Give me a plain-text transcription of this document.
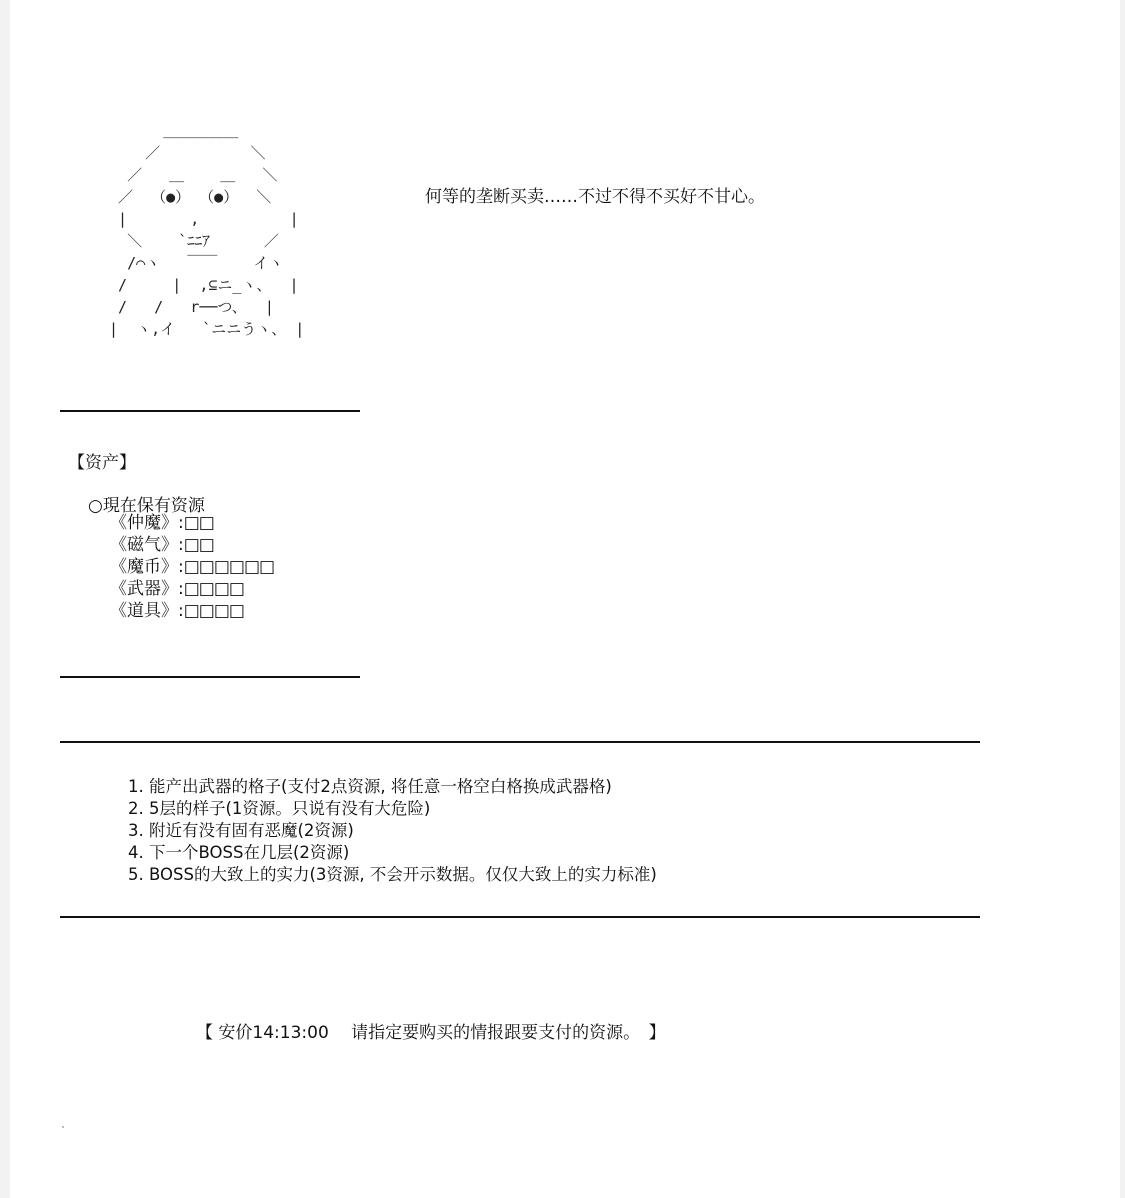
＿＿＿＿＿
／          ＼
／   ＿    ＿   ＼
／  （●） （●）  ＼
|       ,          |
＼    `ﾆﾆｱ      ／
/⌒ヽ   ￣￣    イヽ
/     |  ,⊆ニ_ヽ、  |
/   /   r──つ、  |
|  ヽ,イ   `ニニうヽ、 |
何等的垄断买卖……不过不得不买好不甘心。
【资产】
○現在保有资源
《仲魔》:□□
《磁气》:□□
《魔币》:□□□□□□
《武器》:□□□□
《道具》:□□□□
1. 能产出武器的格子(支付2点资源, 将任意一格空白格换成武器格)
2. 5层的样子(1资源。只说有没有大危险)
3. 附近有没有固有恶魔(2资源)
4. 下一个BOSS在几层(2资源)
5. BOSS的大致上的实力(3资源, 不会开示数据。仅仅大致上的实力标准)
【 安价14:13:00　 请指定要购买的情报跟要支付的资源。　】
